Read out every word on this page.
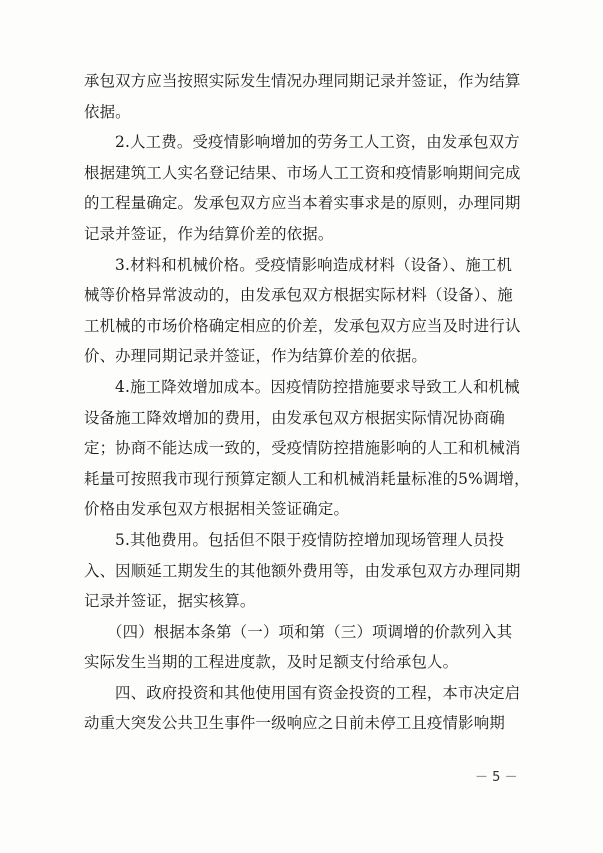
承包双方应当按照实际发生情况办理同期记录并签证，作为结算
依据。
2.人工费。受疫情影响增加的劳务工人工资，由发承包双方
根据建筑工人实名登记结果、市场人工工资和疫情影响期间完成
的工程量确定。发承包双方应当本着实事求是的原则，办理同期
记录并签证，作为结算价差的依据。
3.材料和机械价格。受疫情影响造成材料（设备）、施工机
械等价格异常波动的，由发承包双方根据实际材料（设备）、施
工机械的市场价格确定相应的价差，发承包双方应当及时进行认
价、办理同期记录并签证，作为结算价差的依据。
4.施工降效增加成本。因疫情防控措施要求导致工人和机械
设备施工降效增加的费用，由发承包双方根据实际情况协商确
定；协商不能达成一致的，受疫情防控措施影响的人工和机械消
耗量可按照我市现行预算定额人工和机械消耗量标准的5%调增，
价格由发承包双方根据相关签证确定。
5.其他费用。包括但不限于疫情防控增加现场管理人员投
入、因顺延工期发生的其他额外费用等，由发承包双方办理同期
记录并签证，据实核算。
（四）根据本条第（一）项和第（三）项调增的价款列入其
实际发生当期的工程进度款，及时足额支付给承包人。
四、政府投资和其他使用国有资金投资的工程，本市决定启
动重大突发公共卫生事件一级响应之日前未停工且疫情影响期
－ 5 －
